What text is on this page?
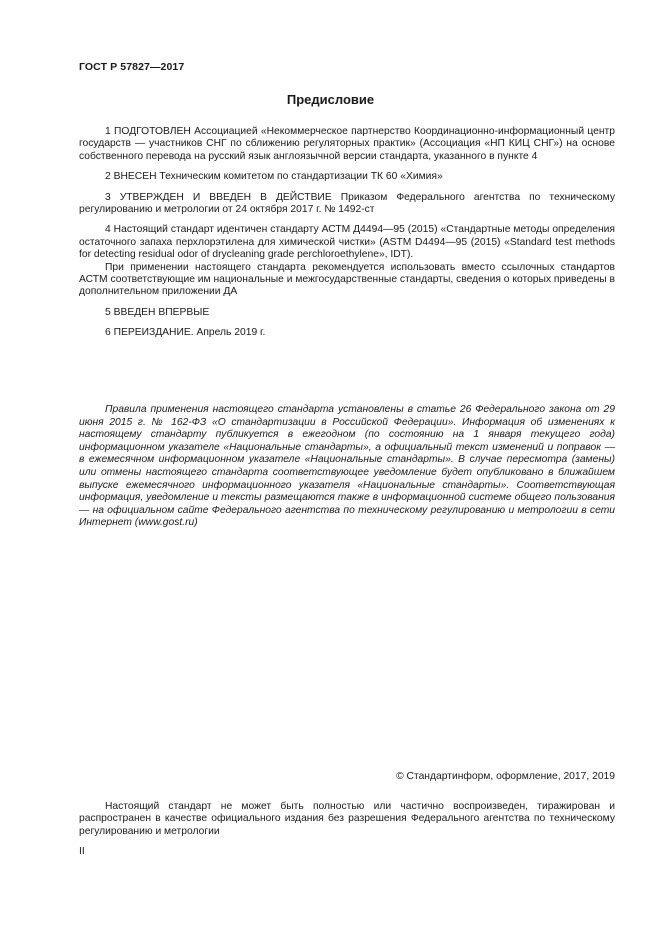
ГОСТ Р 57827—2017
Предисловие

1 ПОДГОТОВЛЕН Ассоциацией «Некоммерческое партнерство Координационно-информационный центр государств — участников СНГ по сближению регуляторных практик» (Ассоциация «НП КИЦ СНГ») на основе собственного перевода на русский язык англоязычной версии стандарта, указанного в пункте 4

2 ВНЕСЕН Техническим комитетом по стандартизации ТК 60 «Химия»

3 УТВЕРЖДЕН И ВВЕДЕН В ДЕЙСТВИЕ Приказом Федерального агентства по техническому регулированию и метрологии от 24 октября 2017 г. № 1492-ст

4 Настоящий стандарт идентичен стандарту АСТМ Д4494—95 (2015) «Стандартные методы определения остаточного запаха перхлорэтилена для химической чистки» (ASTM D4494—95 (2015) «Standard test methods for detecting residual odor of drycleaning grade perchloroethylene», IDT).

При применении настоящего стандарта рекомендуется использовать вместо ссылочных стандартов АСТМ соответствующие им национальные и межгосударственные стандарты, сведения о которых приведены в дополнительном приложении ДА

5 ВВЕДЕН ВПЕРВЫЕ

6 ПЕРЕИЗДАНИЕ. Апрель 2019 г.

Правила применения настоящего стандарта установлены в статье 26 Федерального закона от 29 июня 2015 г. № 162-ФЗ «О стандартизации в Российской Федерации». Информация об изменениях к настоящему стандарту публикуется в ежегодном (по состоянию на 1 января текущего года) информационном указателе «Национальные стандарты», а официальный текст изменений и поправок — в ежемесячном информационном указателе «Национальные стандарты». В случае пересмотра (замены) или отмены настоящего стандарта соответствующее уведомление будет опубликовано в ближайшем выпуске ежемесячного информационного указателя «Национальные стандарты». Соответствующая информация, уведомление и тексты размещаются также в информационной системе общего пользования — на официальном сайте Федерального агентства по техническому регулированию и метрологии в сети Интернет (www.gost.ru)

© Стандартинформ, оформление, 2017, 2019

Настоящий стандарт не может быть полностью или частично воспроизведен, тиражирован и распространен в качестве официального издания без разрешения Федерального агентства по техническому регулированию и метрологии

II
